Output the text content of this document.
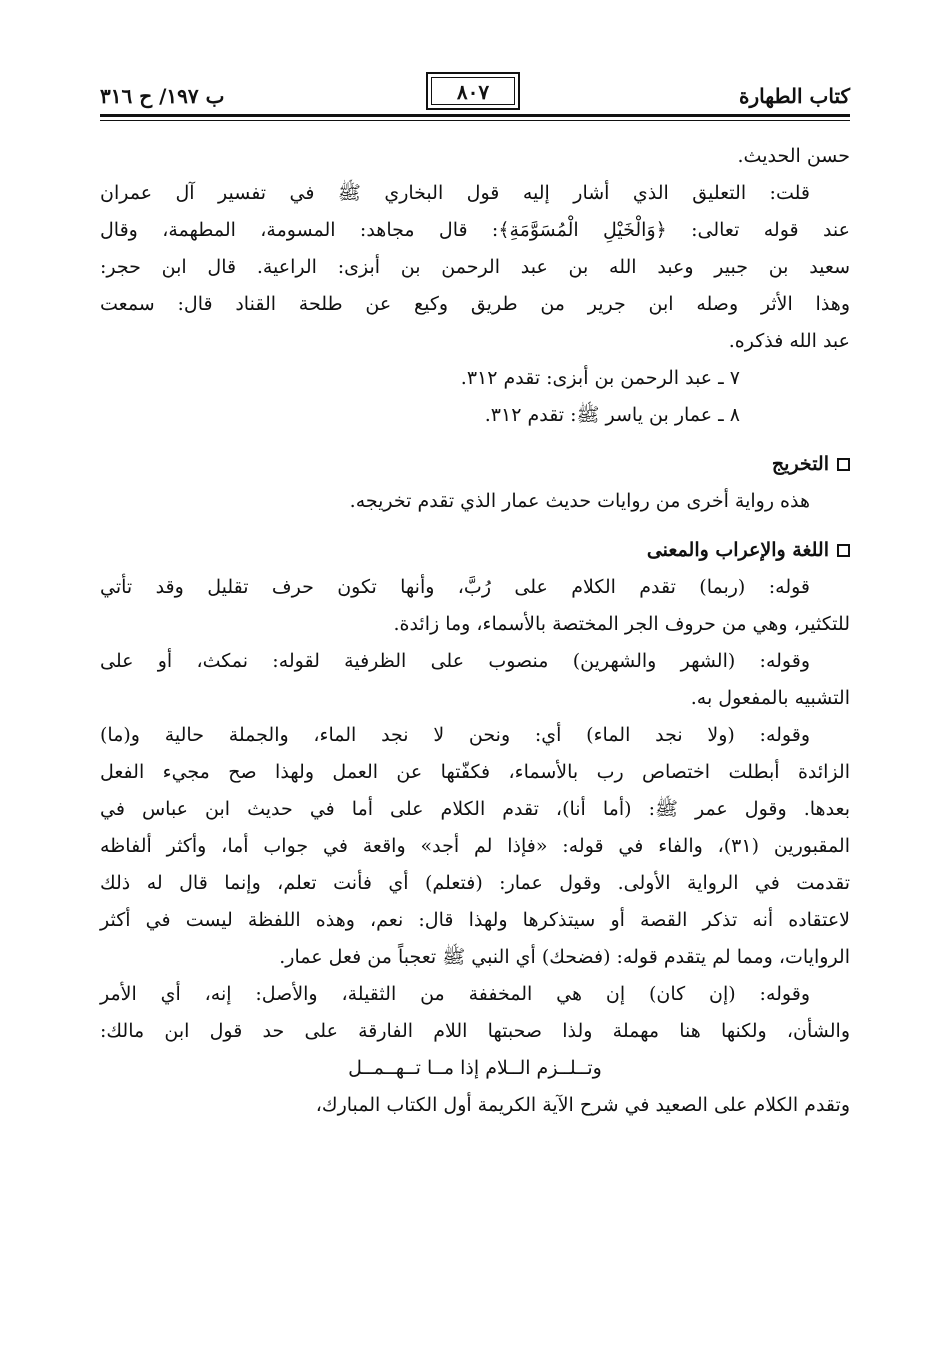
كتاب الطهارة
٨٠٧
ب ١٩٧/ ح ٣١٦
حسن الحديث.
قلت: التعليق الذي أشار إليه قول البخاري ﷺ في تفسير آل عمران
عند قوله تعالى: ﴿وَالْخَيْلِ الْمُسَوَّمَةِ﴾: قال مجاهد: المسومة، المطهمة، وقال
سعيد بن جبير وعبد الله بن عبد الرحمن بن أبزى: الراعية. قال ابن حجر:
وهذا الأثر وصله ابن جرير من طريق وكيع عن طلحة القناد قال: سمعت
عبد الله فذكره.
٧ ـ عبد الرحمن بن أبزى: تقدم ٣١٢.
٨ ـ عمار بن ياسر ﷺ: تقدم ٣١٢.
التخريج
هذه رواية أخرى من روايات حديث عمار الذي تقدم تخريجه.
اللغة والإعراب والمعنى
قوله: (ربما) تقدم الكلام على رُبَّ، وأنها تكون حرف تقليل وقد تأتي
للتكثير، وهي من حروف الجر المختصة بالأسماء، وما زائدة.
وقوله: (الشهر والشهرين) منصوب على الظرفية لقوله: نمكث، أو على
التشبيه بالمفعول به.
وقوله: (ولا نجد الماء) أي: ونحن لا نجد الماء، والجملة حالية و(ما)
الزائدة أبطلت اختصاص رب بالأسماء، فكفّتها عن العمل ولهذا صح مجيء الفعل
بعدها. وقول عمر ﷺ: (أما أنا)، تقدم الكلام على أما في حديث ابن عباس في
المقبورين (٣١)، والفاء في قوله: «فإذا لم أجد» واقعة في جواب أما، وأكثر ألفاظه
تقدمت في الرواية الأولى. وقول عمار: (فتعلم) أي فأنت تعلم، وإنما قال له ذلك
لاعتقاده أنه تذكر القصة أو سيتذكرها ولهذا قال: نعم، وهذه اللفظة ليست في أكثر
الروايات، ومما لم يتقدم قوله: (فضحك) أي النبي ﷺ تعجباً من فعل عمار.
وقوله: (إن كان) إن هي المخففة من الثقيلة، والأصل: إنه، أي الأمر
والشأن، ولكنها هنا مهملة ولذا صحبتها اللام الفارقة على حد قول ابن مالك:
وتــلــزم الــلام إذا مــا تــهــمــل
وتقدم الكلام على الصعيد في شرح الآية الكريمة أول الكتاب المبارك،
